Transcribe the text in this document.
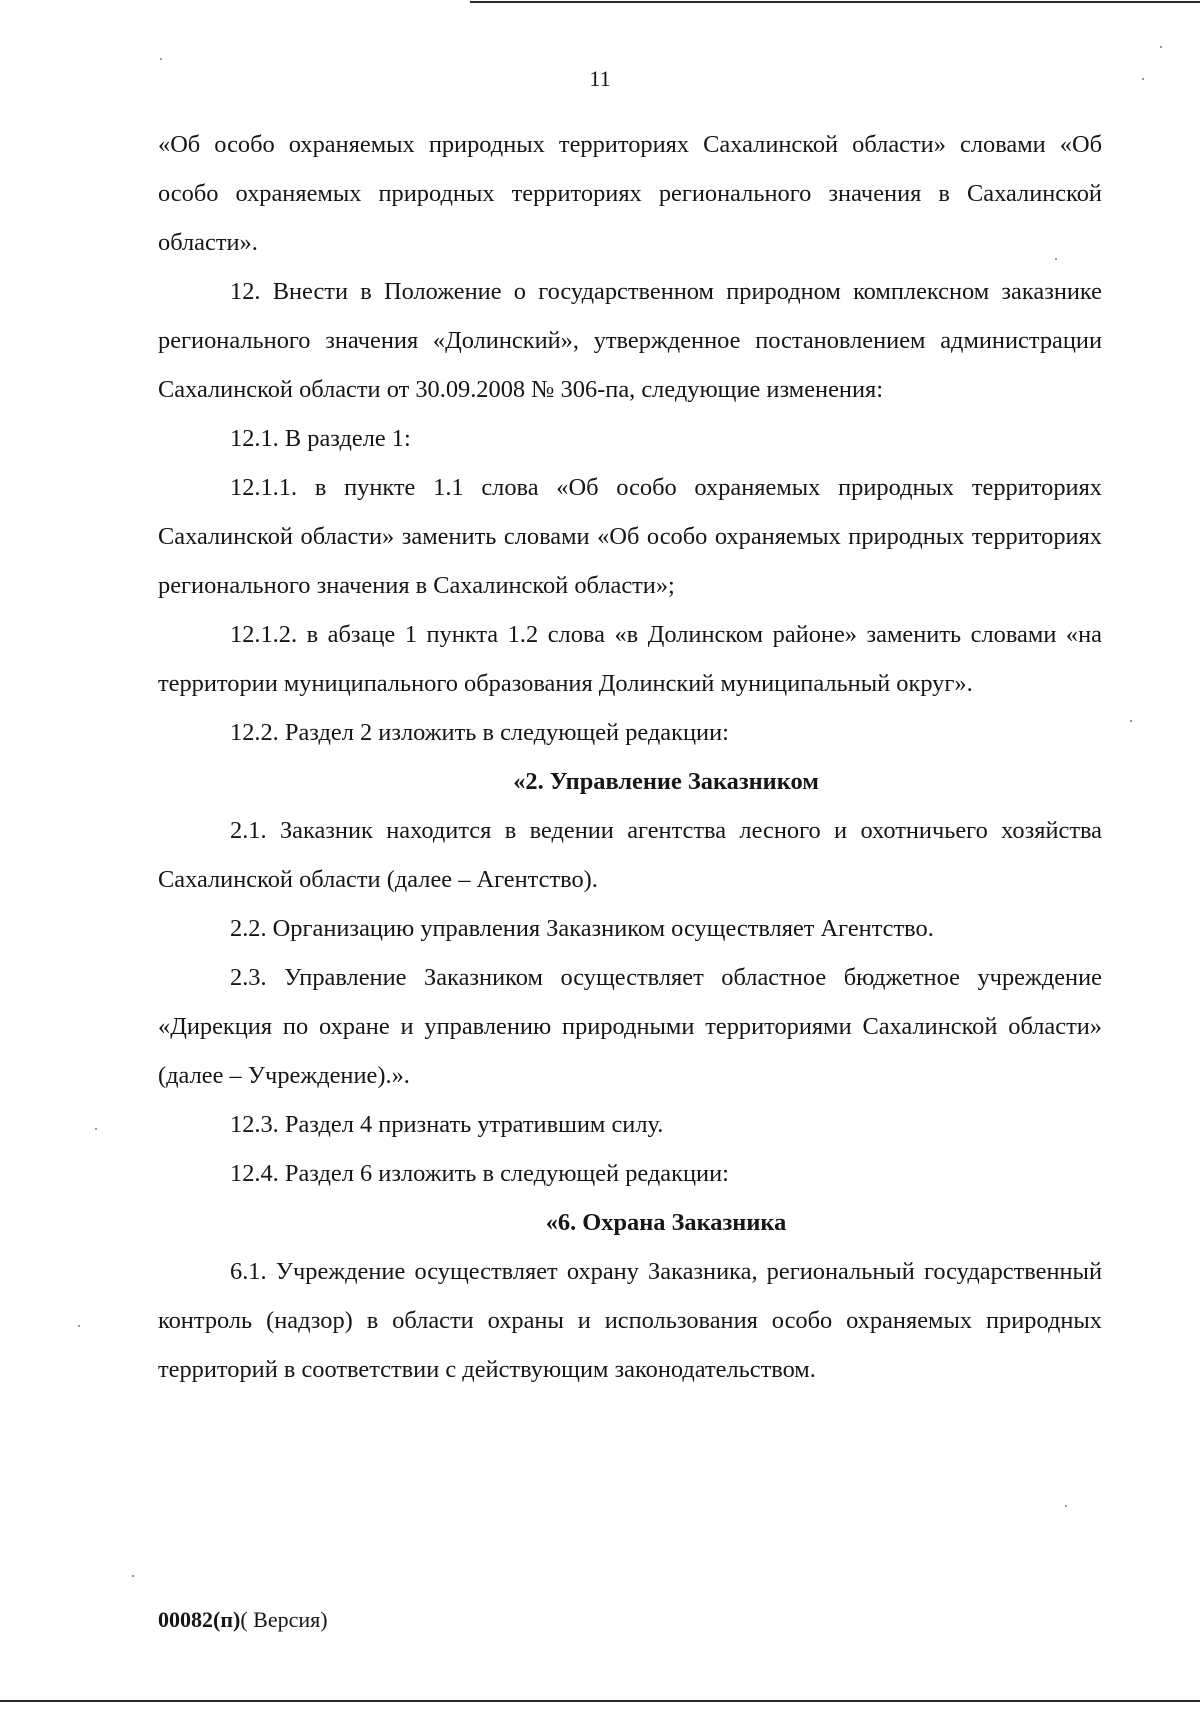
11

«Об особо охраняемых природных территориях Сахалинской области» словами «Об особо охраняемых природных территориях регионального значения в Сахалинской области».

12. Внести в Положение о государственном природном комплексном заказнике регионального значения «Долинский», утвержденное постановлением администрации Сахалинской области от 30.09.2008 № 306-па, следующие изменения:

12.1. В разделе 1:

12.1.1. в пункте 1.1 слова «Об особо охраняемых природных территориях Сахалинской области» заменить словами «Об особо охраняемых природных территориях регионального значения в Сахалинской области»;

12.1.2. в абзаце 1 пункта 1.2 слова «в Долинском районе» заменить словами «на территории муниципального образования Долинский муниципальный округ».

12.2. Раздел 2 изложить в следующей редакции:

«2. Управление Заказником

2.1. Заказник находится в ведении агентства лесного и охотничьего хозяйства Сахалинской области (далее – Агентство).

2.2. Организацию управления Заказником осуществляет Агентство.

2.3. Управление Заказником осуществляет областное бюджетное учреждение «Дирекция по охране и управлению природными территориями Сахалинской области» (далее – Учреждение).».

12.3. Раздел 4 признать утратившим силу.

12.4. Раздел 6 изложить в следующей редакции:

«6. Охрана Заказника

6.1. Учреждение осуществляет охрану Заказника, региональный государственный контроль (надзор) в области охраны и использования особо охраняемых природных территорий в соответствии с действующим законодательством.

00082(п)( Версия)
